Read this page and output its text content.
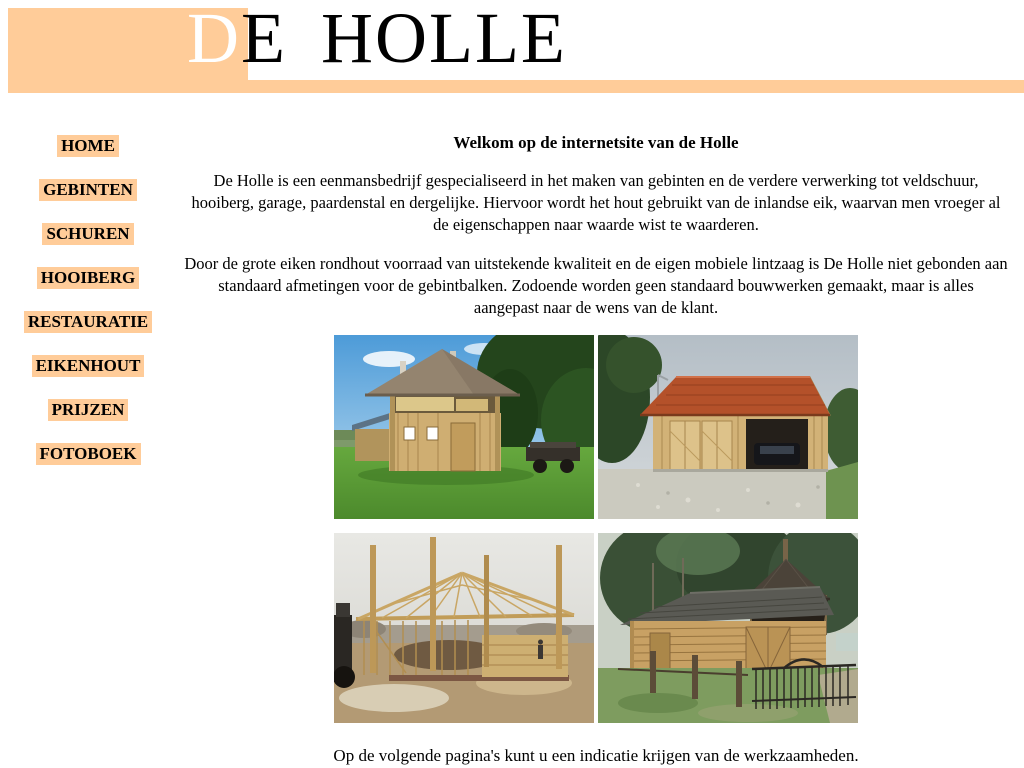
DE HOLLE
HOME
GEBINTEN
SCHUREN
HOOIBERG
RESTAURATIE
EIKENHOUT
PRIJZEN
FOTOBOEK
Welkom op de internetsite van de Holle

De Holle is een eenmansbedrijf gespecialiseerd in het maken van gebinten en de verdere verwerking tot veldschuur, hooiberg, garage, paardenstal en dergelijke. Hiervoor wordt het hout gebruikt van de inlandse eik, waarvan men vroeger al de eigenschappen naar waarde wist te waarderen.

Door de grote eiken rondhout voorraad van uitstekende kwaliteit en de eigen mobiele lintzaag is De Holle niet gebonden aan standaard afmetingen voor de gebintbalken. Zodoende worden geen standaard bouwwerken gemaakt, maar is alles aangepast naar de wens van de klant.

Op de volgende pagina's kunt u een indicatie krijgen van de werkzaamheden.
